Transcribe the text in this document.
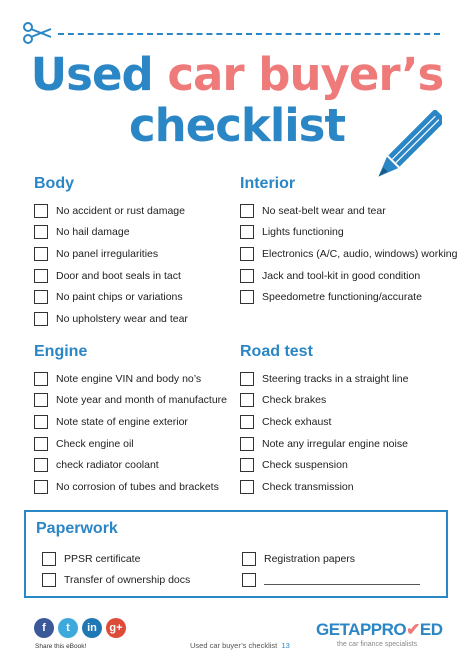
Used car buyer’s
checklist
Body
No accident or rust damage
No hail damage
No panel irregularities
Door and boot seals in tact
No paint chips or variations
No upholstery wear and tear
Interior
No seat-belt wear and tear
Lights functioning
Electronics (A/C, audio, windows) working
Jack and tool-kit in good condition
Speedometre functioning/accurate
Engine
Note engine VIN and body no’s
Note year and month of manufacture
Note state of engine exterior
Check engine oil
check radiator coolant
No corrosion of tubes and brackets
Road test
Steering tracks in a straight line
Check brakes
Check exhaust
Note any irregular engine noise
Check suspension
Check transmission
Paperwork
PPSR certificate
Transfer of ownership docs
Registration papers
f	t	in	g+
Share this eBook!	Used car buyer’s checklist 13
GETAPPRO✔ED
the car finance specialists
